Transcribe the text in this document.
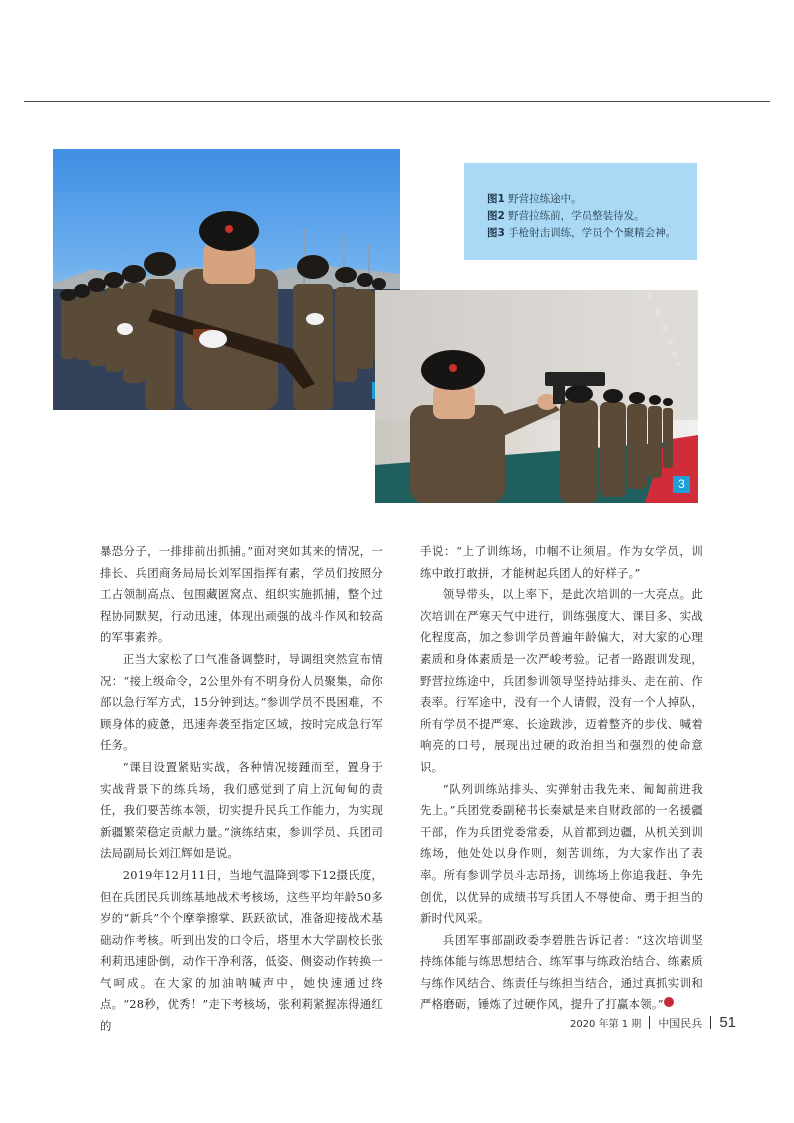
3
图1 野营拉练途中。
图2 野营拉练前，学员整装待发。
图3 手枪射击训练，学员个个聚精会神。

暴恐分子，一排排前出抓捕。”面对突如其来的情况，一排长、兵团商务局局长刘军国指挥有素，学员们按照分工占领制高点、包围藏匿窝点、组织实施抓捕，整个过程协同默契，行动迅速，体现出顽强的战斗作风和较高的军事素养。

正当大家松了口气准备调整时，导调组突然宣布情况：“接上级命令，2公里外有不明身份人员聚集，命你部以急行军方式，15分钟到达。”参训学员不畏困难，不顾身体的疲惫，迅速奔袭至指定区域，按时完成急行军任务。

“课目设置紧贴实战，各种情况接踵而至，置身于实战背景下的练兵场，我们感觉到了肩上沉甸甸的责任，我们要苦练本领，切实提升民兵工作能力，为实现新疆繁荣稳定贡献力量。”演练结束，参训学员、兵团司法局副局长刘江辉如是说。

2019年12月11日，当地气温降到零下12摄氏度，但在兵团民兵训练基地战术考核场，这些平均年龄50多岁的“新兵”个个摩拳擦掌、跃跃欲试，准备迎接战术基础动作考核。听到出发的口令后，塔里木大学副校长张利莉迅速卧倒，动作干净利落，低姿、侧姿动作转换一气呵成。在大家的加油呐喊声中，她快速通过终点。“28秒，优秀！”走下考核场，张利莉紧握冻得通红的

手说：“上了训练场，巾帼不让须眉。作为女学员，训练中敢打敢拼，才能树起兵团人的好样子。”

领导带头，以上率下，是此次培训的一大亮点。此次培训在严寒天气中进行，训练强度大、课目多、实战化程度高，加之参训学员普遍年龄偏大，对大家的心理素质和身体素质是一次严峻考验。记者一路跟训发现，野营拉练途中，兵团参训领导坚持站排头、走在前、作表率。行军途中，没有一个人请假，没有一个人掉队，所有学员不提严寒、长途跋涉，迈着整齐的步伐、喊着响亮的口号，展现出过硬的政治担当和强烈的使命意识。

“队列训练站排头、实弹射击我先来、匍匐前进我先上。”兵团党委副秘书长秦斌是来自财政部的一名援疆干部，作为兵团党委常委，从首都到边疆，从机关到训练场，他处处以身作则，刻苦训练，为大家作出了表率。所有参训学员斗志昂扬，训练场上你追我赶、争先创优，以优异的成绩书写兵团人不辱使命、勇于担当的新时代风采。

兵团军事部副政委李碧胜告诉记者：“这次培训坚持练体能与练思想结合、练军事与练政治结合、练素质与练作风结合、练责任与练担当结合，通过真抓实训和严格磨砺，锤炼了过硬作风，提升了打赢本领。”	M

2020 年第 1 期 中国民兵 51
